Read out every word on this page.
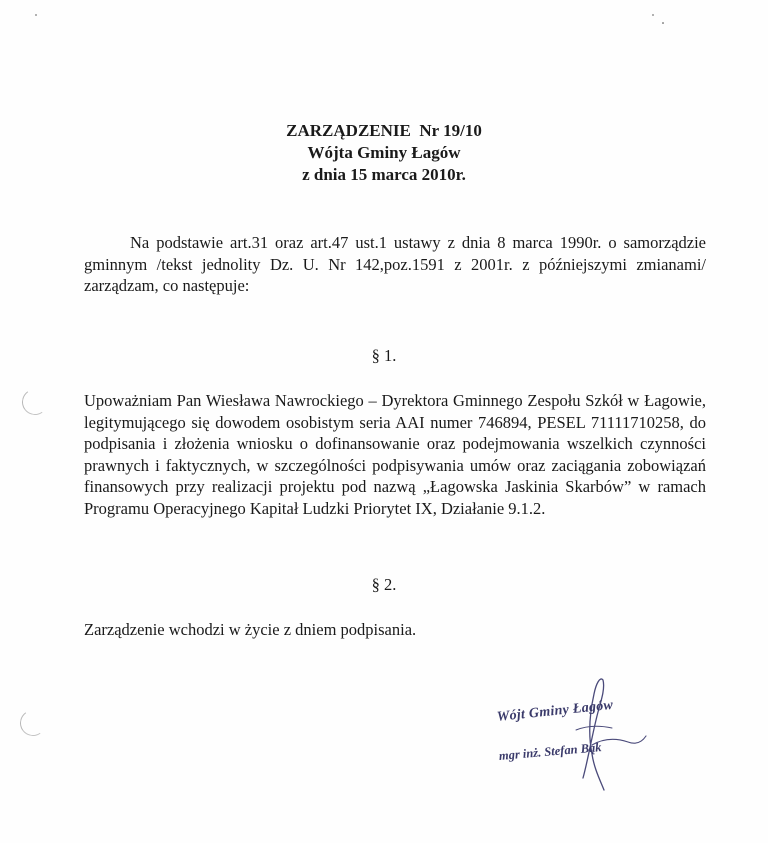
ZARZĄDZENIE  Nr 19/10
Wójta Gminy Łagów
z dnia 15 marca 2010r.

Na podstawie art.31 oraz art.47 ust.1 ustawy z dnia 8 marca 1990r. o samorządzie gminnym /tekst jednolity Dz. U. Nr 142,poz.1591 z 2001r. z późniejszymi zmianami/ zarządzam, co następuje:

§ 1.

Upoważniam Pan Wiesława Nawrockiego – Dyrektora Gminnego Zespołu Szkół w Łagowie, legitymującego się dowodem osobistym seria AAI numer 746894, PESEL 71111710258, do podpisania i złożenia wniosku o dofinansowanie oraz podejmowania wszelkich czynności prawnych i faktycznych, w szczególności podpisywania umów oraz zaciągania zobowiązań finansowych przy realizacji projektu pod nazwą „Łagowska Jaskinia Skarbów” w ramach Programu Operacyjnego Kapitał Ludzki Priorytet IX, Działanie 9.1.2.

§ 2.

Zarządzenie wchodzi w życie z dniem podpisania.

Wójt Gminy Łagów
mgr inż. Stefan Bąk
